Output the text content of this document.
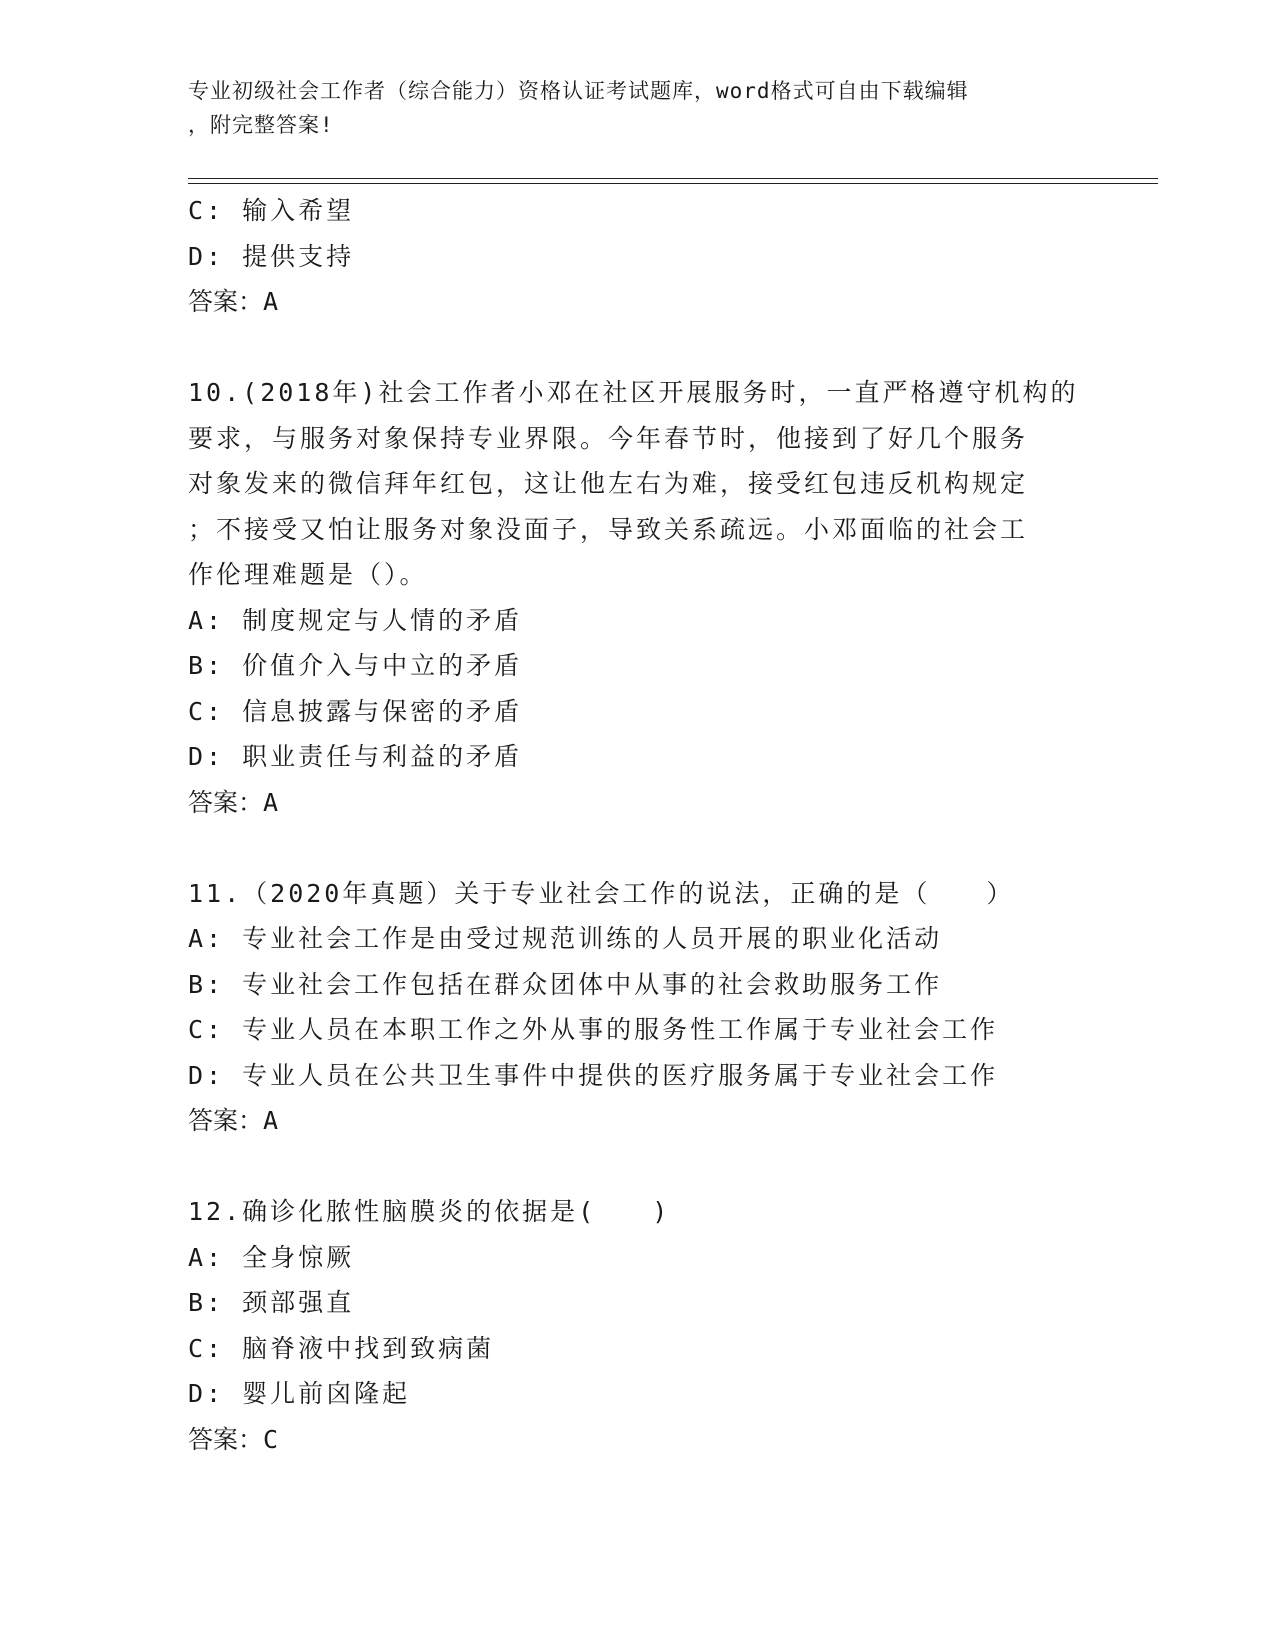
专业初级社会工作者（综合能力）资格认证考试题库，word格式可自由下载编辑
，附完整答案!
C: 输入希望
D: 提供支持
答案：A
10.(2018年)社会工作者小邓在社区开展服务时，一直严格遵守机构的
要求，与服务对象保持专业界限。今年春节时，他接到了好几个服务
对象发来的微信拜年红包，这让他左右为难，接受红包违反机构规定
；不接受又怕让服务对象没面子，导致关系疏远。小邓面临的社会工
作伦理难题是（）。
A: 制度规定与人情的矛盾
B: 价值介入与中立的矛盾
C: 信息披露与保密的矛盾
D: 职业责任与利益的矛盾
答案：A
11.（2020年真题）关于专业社会工作的说法，正确的是（　　）
A: 专业社会工作是由受过规范训练的人员开展的职业化活动
B: 专业社会工作包括在群众团体中从事的社会救助服务工作
C: 专业人员在本职工作之外从事的服务性工作属于专业社会工作
D: 专业人员在公共卫生事件中提供的医疗服务属于专业社会工作
答案：A
12.确诊化脓性脑膜炎的依据是(　　)
A: 全身惊厥
B: 颈部强直
C: 脑脊液中找到致病菌
D: 婴儿前囟隆起
答案：C
